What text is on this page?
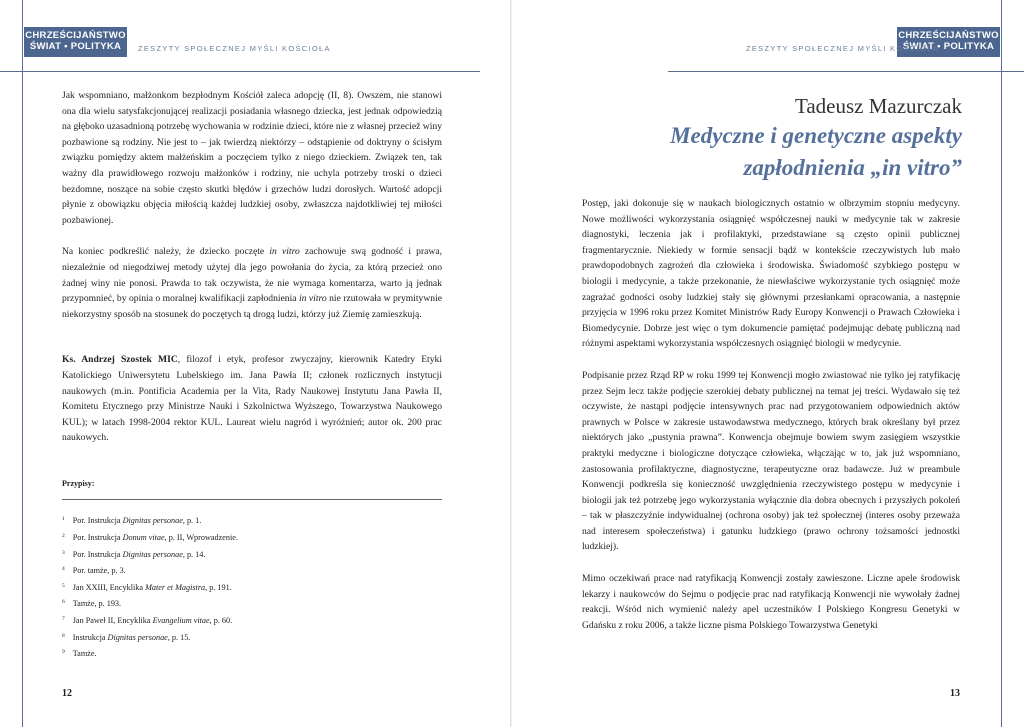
CHRZEŚCIJAŃSTWO
ŚWIAT • POLITYKA	ZESZYTY SPOŁECZNEJ MYŚLI KOŚCIOŁA

Jak wspomniano, małżonkom bezpłodnym Kościół zaleca adopcję (II, 8). Owszem, nie stanowi ona dla wielu satysfakcjonującej realizacji posiadania własnego dziecka, jest jednak odpowiedzią na głęboko uzasadnioną potrzebę wychowania w rodzinie dzieci, które nie z własnej przeciež winy pozbawione są rodziny. Nie jest to – jak twierdzą niektórzy – odstąpienie od doktryny o ścisłym związku pomiędzy aktem małżeńskim a poczęciem tylko z niego dzieckiem. Związek ten, tak ważny dla prawidłowego rozwoju małżonków i rodziny, nie uchyla potrzeby troski o dzieci bezdomne, noszące na sobie często skutki błędów i grzechów ludzi dorosłych. Wartość adopcji płynie z obowiązku objęcia miłością każdej ludzkiej osoby, zwłaszcza najdotkliwiej tej miłości pozbawionej.

Na koniec podkreślić należy, że dziecko poczęte in vitro zachowuje swą godność i prawa, niezależnie od niegodziwej metody użytej dla jego powołania do życia, za którą przecież ono żadnej winy nie ponosi. Prawda to tak oczywista, że nie wymaga komentarza, warto ją jednak przypomnieć, by opinia o moralnej kwalifikacji zapłodnienia in vitro nie rzutowała w prymitywnie niekorzystny sposób na stosunek do poczętych tą drogą ludzi, którzy już Ziemię zamieszkują.

Ks. Andrzej Szostek MIC, filozof i etyk, profesor zwyczajny, kierownik Katedry Etyki Katolickiego Uniwersytetu Lubelskiego im. Jana Pawła II; członek rozlicznych instytucji naukowych (m.in. Pontificia Academia per la Vita, Rady Naukowej Instytutu Jana Pawła II, Komitetu Etycznego przy Ministrze Nauki i Szkolnictwa Wyższego, Towarzystwa Naukowego KUL); w latach 1998-2004 rektor KUL. Laureat wielu nagród i wyróżnień; autor ok. 200 prac naukowych.

Przypisy:
$^1$ Por. Instrukcja Dignitas personae, p. 1.
$^2$ Por. Instrukcja Donum vitae, p. II, Wprowadzenie.
$^3$ Por. Instrukcja Dignitas personae, p. 14.
$^4$ Por. tamże, p. 3.
$^5$ Jan XXIII, Encyklika Mater et Magistra, p. 191.
$^6$ Tamże, p. 193.
$^7$ Jan Paweł II, Encyklika Evangelium vitae, p. 60.
$^8$ Instrukcja Dignitas personae, p. 15.
$^9$ Tamże.
12
CHRZEŚCIJAŃSTWO
ŚWIAT • POLITYKA
ZESZYTY SPOŁECZNEJ MYŚLI KOŚCIOŁA
Tadeusz Mazurczak
Medyczne i genetyczne aspekty
zapłodnienia „in vitro”

Postęp, jaki dokonuje się w naukach biologicznych ostatnio w olbrzymim stopniu medycyny. Nowe możliwości wykorzystania osiągnięć współczesnej nauki w medycynie tak w zakresie diagnostyki, leczenia jak i profilaktyki, przedstawiane są często opinii publicznej fragmentarycznie. Niekiedy w formie sensacji bądź w kontekście rzeczywistych lub mało prawdopodobnych zagrożeń dla człowieka i środowiska. Świadomość szybkiego postępu w biologii i medycynie, a także przekonanie, że niewłaściwe wykorzystanie tych osiągnięć może zagrażać godności osoby ludzkiej stały się głównymi przesłankami opracowania, a następnie przyjęcia w 1996 roku przez Komitet Ministrów Rady Europy Konwencji o Prawach Człowieka i Biomedycynie. Dobrze jest więc o tym dokumencie pamiętać podejmując debatę publiczną nad różnymi aspektami wykorzystania współczesnych osiągnięć biologii w medycynie.

Podpisanie przez Rząd RP w roku 1999 tej Konwencji mogło zwiastować nie tylko jej ratyfikację przez Sejm lecz także podjęcie szerokiej debaty publicznej na temat jej treści. Wydawało się też oczywiste, że nastąpi podjęcie intensywnych prac nad przygotowaniem odpowiednich aktów prawnych w Polsce w zakresie ustawodawstwa medycznego, których brak określany był przez niektórych jako „pustynia prawna”. Konwencja obejmuje bowiem swym zasięgiem wszystkie praktyki medyczne i biologiczne dotyczące człowieka, włączając w to, jak już wspomniano, zastosowania profilaktyczne, diagnostyczne, terapeutyczne oraz badawcze. Już w preambule Konwencji podkreśla się konieczność uwzględnienia rzeczywistego postępu w medycynie i biologii jak też potrzebę jego wykorzystania wyłącznie dla dobra obecnych i przyszłych pokoleń – tak w płaszczyźnie indywidualnej (ochrona osoby) jak też społecznej (interes osoby przeważa nad interesem społeczeństwa) i gatunku ludzkiego (prawo ochrony tożsamości jednostki ludzkiej).

Mimo oczekiwań prace nad ratyfikacją Konwencji zostały zawieszone. Liczne apele środowisk lekarzy i naukowców do Sejmu o podjęcie prac nad ratyfikacją Konwencji nie wywołały żadnej reakcji. Wśród nich wymienić należy apel uczestników I Polskiego Kongresu Genetyki w Gdańsku z roku 2006, a także liczne pisma Polskiego Towarzystwa Genetyki

13
